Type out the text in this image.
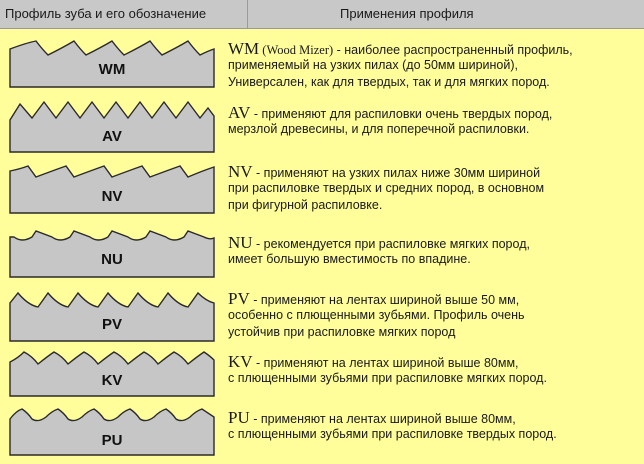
Профиль зуба и его обозначение	Применения профиля
WM
WM (Wood Mizer) - наиболее распространенный профиль,
применяемый на узких пилах (до 50мм шириной),
Универсален, как для твердых, так и для мягких пород.
AV
AV - применяют для распиловки очень твердых пород,
мерзлой древесины, и для поперечной распиловки.
NV
NV - применяют на узких пилах ниже 30мм шириной
при распиловке твердых и средних пород, в основном
при фигурной распиловке.
NU
NU - рекомендуется при распиловке мягких пород,
имеет большую вместимость по впадине.
PV
PV - применяют на лентах шириной выше 50 мм,
особенно с плющенными зубьями. Профиль очень
устойчив при распиловке мягких пород
KV
KV - применяют на лентах шириной выше 80мм,
с плющенными зубьями при распиловке мягких пород.
PU
PU - применяют на лентах шириной выше 80мм,
с плющенными зубьями при распиловке твердых пород.
